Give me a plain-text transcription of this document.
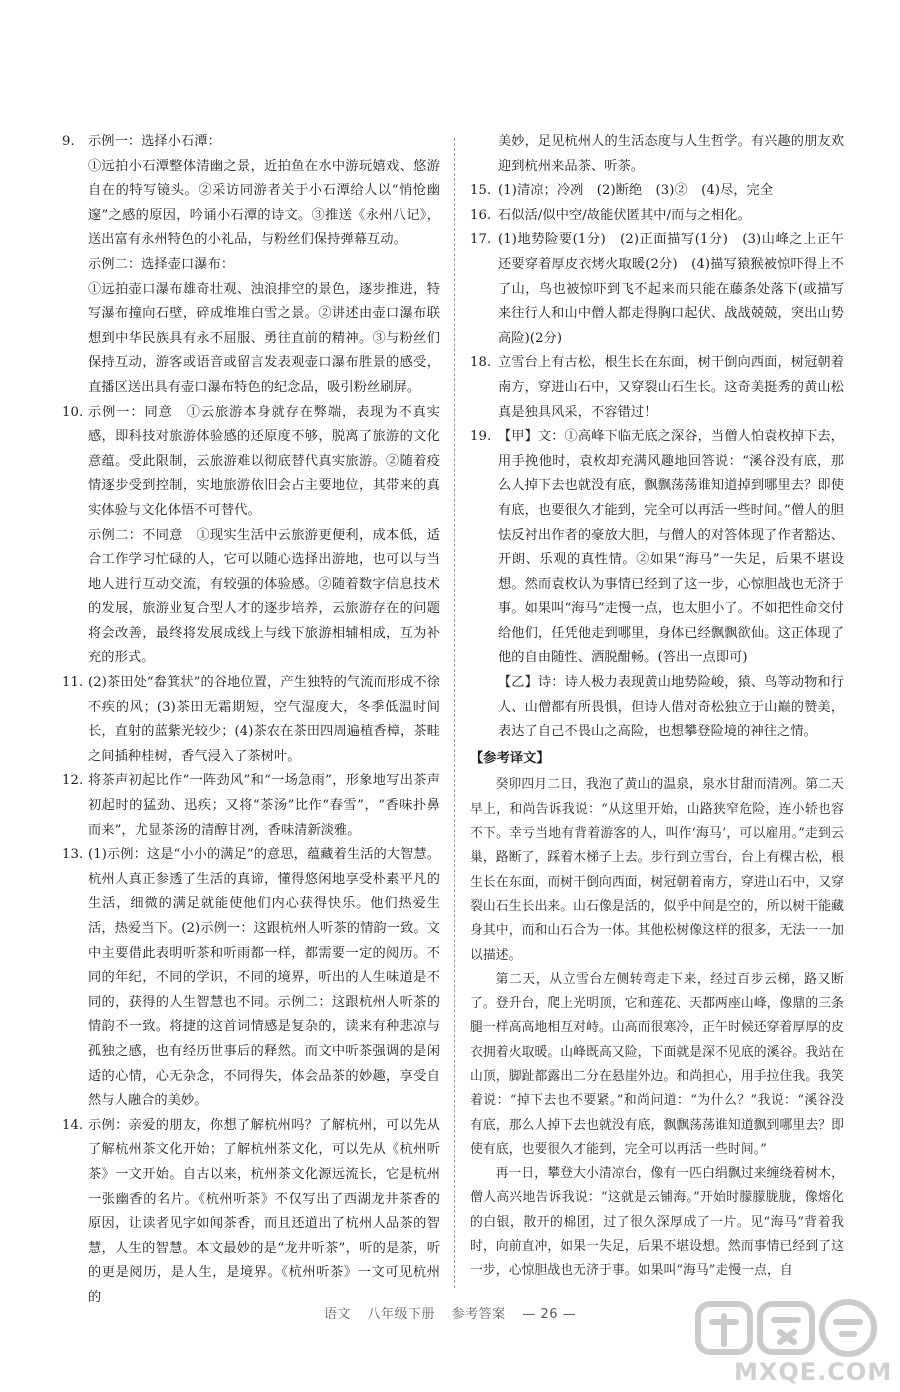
9.	示例一：选择小石潭：

①远拍小石潭整体清幽之景，近拍鱼在水中游玩嬉戏、悠游自在的特写镜头。②采访同游者关于小石潭给人以“悄怆幽邃”之感的原因，吟诵小石潭的诗文。③推送《永州八记》，送出富有永州特色的小礼品，与粉丝们保持弹幕互动。

示例二：选择壶口瀑布：

①远拍壶口瀑布雄奇壮观、浊浪排空的景色，逐步推进，特写瀑布撞向石壁，碎成堆堆白雪之景。②讲述由壶口瀑布联想到中华民族具有永不屈服、勇往直前的精神。③与粉丝们保持互动，游客或语音或留言发表观壶口瀑布胜景的感受，直播区送出具有壶口瀑布特色的纪念品，吸引粉丝刷屏。

10. 示例一：同意　①云旅游本身就存在弊端，表现为不真实感，即科技对旅游体验感的还原度不够，脱离了旅游的文化意蕴。受此限制，云旅游难以彻底替代真实旅游。②随着疫情逐步受到控制，实地旅游依旧会占主要地位，其带来的真实体验与文化体悟不可替代。

示例二：不同意　①现实生活中云旅游更便利，成本低，适合工作学习忙碌的人，它可以随心选择出游地，也可以与当地人进行互动交流，有较强的体验感。②随着数字信息技术的发展，旅游业复合型人才的逐步培养，云旅游存在的问题将会改善，最终将发展成线上与线下旅游相辅相成，互为补充的形式。

11. (2)茶田处“畚箕状”的谷地位置，产生独特的气流而形成不徐不疾的风；(3)茶田无霜期短，空气湿度大，冬季低温时间长，直射的蓝紫光较少；(4)茶农在茶田四周遍植香樟，茶畦之间插种桂树，香气浸入了茶树叶。

12. 将茶声初起比作“一阵劲风”和“一场急雨”，形象地写出茶声初起时的猛劲、迅疾；又将“茶汤”比作“春雪”，“香味扑鼻而来”，尤显茶汤的清醇甘冽，香味清新淡雅。

13. (1)示例：这是“小小的满足”的意思，蕴藏着生活的大智慧。杭州人真正参透了生活的真谛，懂得悠闲地享受朴素平凡的生活，细微的满足就能使他们内心获得快乐。他们热爱生活，热爱当下。(2)示例一：这跟杭州人听茶的情韵一致。文中主要借此表明听茶和听雨都一样，都需要一定的阅历。不同的年纪，不同的学识，不同的境界，听出的人生味道是不同的，获得的人生智慧也不同。示例二：这跟杭州人听茶的情韵不一致。将捷的这首词情感是复杂的，读来有种悲凉与孤独之感，也有经历世事后的释然。而文中听茶强调的是闲适的心情，心无杂念，不同得失，体会品茶的妙趣，享受自然与人融合的美妙。

14. 示例：亲爱的朋友，你想了解杭州吗？了解杭州，可以先从了解杭州茶文化开始；了解杭州茶文化，可以先从《杭州听茶》一文开始。自古以来，杭州茶文化源远流长，它是杭州一张幽香的名片。《杭州听茶》不仅写出了西湖龙井茶香的原因，让读者见字如闻茶香，而且还道出了杭州人品茶的智慧，人生的智慧。本文最妙的是“龙井听茶”，听的是茶，听的更是阅历，是人生，是境界。《杭州听茶》一文可见杭州的

美妙，足见杭州人的生活态度与人生哲学。有兴趣的朋友欢迎到杭州来品茶、听茶。

15. (1)清凉；冷冽　(2)断绝　(3)②　(4)尽，完全

16. 石似活/似中空/故能伏匿其中/而与之相化。

17. (1)地势险要(1分)　(2)正面描写(1分)　(3)山峰之上正午还要穿着厚皮衣烤火取暖(2分)　(4)描写猿猴被惊吓得上不了山，鸟也被惊吓到飞不起来而只能在藤条处落下(或描写来往行人和山中僧人都走得胸口起伏、战战兢兢，突出山势高险)(2分)

18. 立雪台上有古松，根生长在东面，树干倒向西面，树冠朝着南方，穿进山石中，又穿裂山石生长。这奇美挺秀的黄山松真是独具风采，不容错过！

19. 【甲】文：①高峰下临无底之深谷，当僧人怕袁枚掉下去，用手挽他时，袁枚却充满风趣地回答说：“溪谷没有底，那么人掉下去也就没有底，飘飘荡荡谁知道掉到哪里去？即使有底，也要很久才能到，完全可以再活一些时间。”僧人的胆怯反衬出作者的豪放大胆，与僧人的对答体现了作者豁达、开朗、乐观的真性情。②如果“海马”一失足，后果不堪设想。然而袁枚认为事情已经到了这一步，心惊胆战也无济于事。如果叫“海马”走慢一点，也太胆小了。不如把性命交付给他们，任凭他走到哪里，身体已经飘飘欲仙。这正体现了他的自由随性、洒脱酣畅。(答出一点即可)

【乙】诗：诗人极力表现黄山地势险峻，猿、鸟等动物和行人、山僧都有所畏惧，但诗人借对奇松独立于山巅的赞美，表达了自己不畏山之高险，也想攀登险境的神往之情。

【参考译文】

癸卯四月二日，我泡了黄山的温泉，泉水甘甜而清冽。第二天早上，和尚告诉我说：“从这里开始，山路狭窄危险，连小轿也容不下。幸亏当地有背着游客的人，叫作‘海马’，可以雇用。”走到云巢，路断了，踩着木梯子上去。步行到立雪台，台上有棵古松，根生长在东面，而树干倒向西面，树冠朝着南方，穿进山石中，又穿裂山石生长出来。山石像是活的，似乎中间是空的，所以树干能藏身其中，而和山石合为一体。其他松树像这样的很多，无法一一加以描述。

第二天，从立雪台左侧转弯走下来，经过百步云梯，路又断了。登升台，爬上光明顶，它和莲花、天都两座山峰，像鼎的三条腿一样高高地相互对峙。山高而很寒冷，正午时候还穿着厚厚的皮衣拥着火取暖。山峰既高又险，下面就是深不见底的溪谷。我站在山顶，脚趾都露出二分在悬崖外边。和尚担心，用手拉住我。我笑着说：“掉下去也不要紧。”和尚问道：“为什么？”我说：“溪谷没有底，那么人掉下去也就没有底，飘飘荡荡谁知道飘到哪里去？即使有底，也要很久才能到，完全可以再活一些时间。”

再一日，攀登大小清凉台，像有一匹白绢飘过来缠绕着树木，僧人高兴地告诉我说：“这就是云铺海。”开始时朦朦胧胧，像熔化的白银，散开的棉团，过了很久深厚成了一片。见“海马”背着我时，向前直冲，如果一失足，后果不堪设想。然而事情已经到了这一步，心惊胆战也无济于事。如果叫“海马”走慢一点，自

语文 八年级下册 参考答案 — 26 —
MXQE.COM
